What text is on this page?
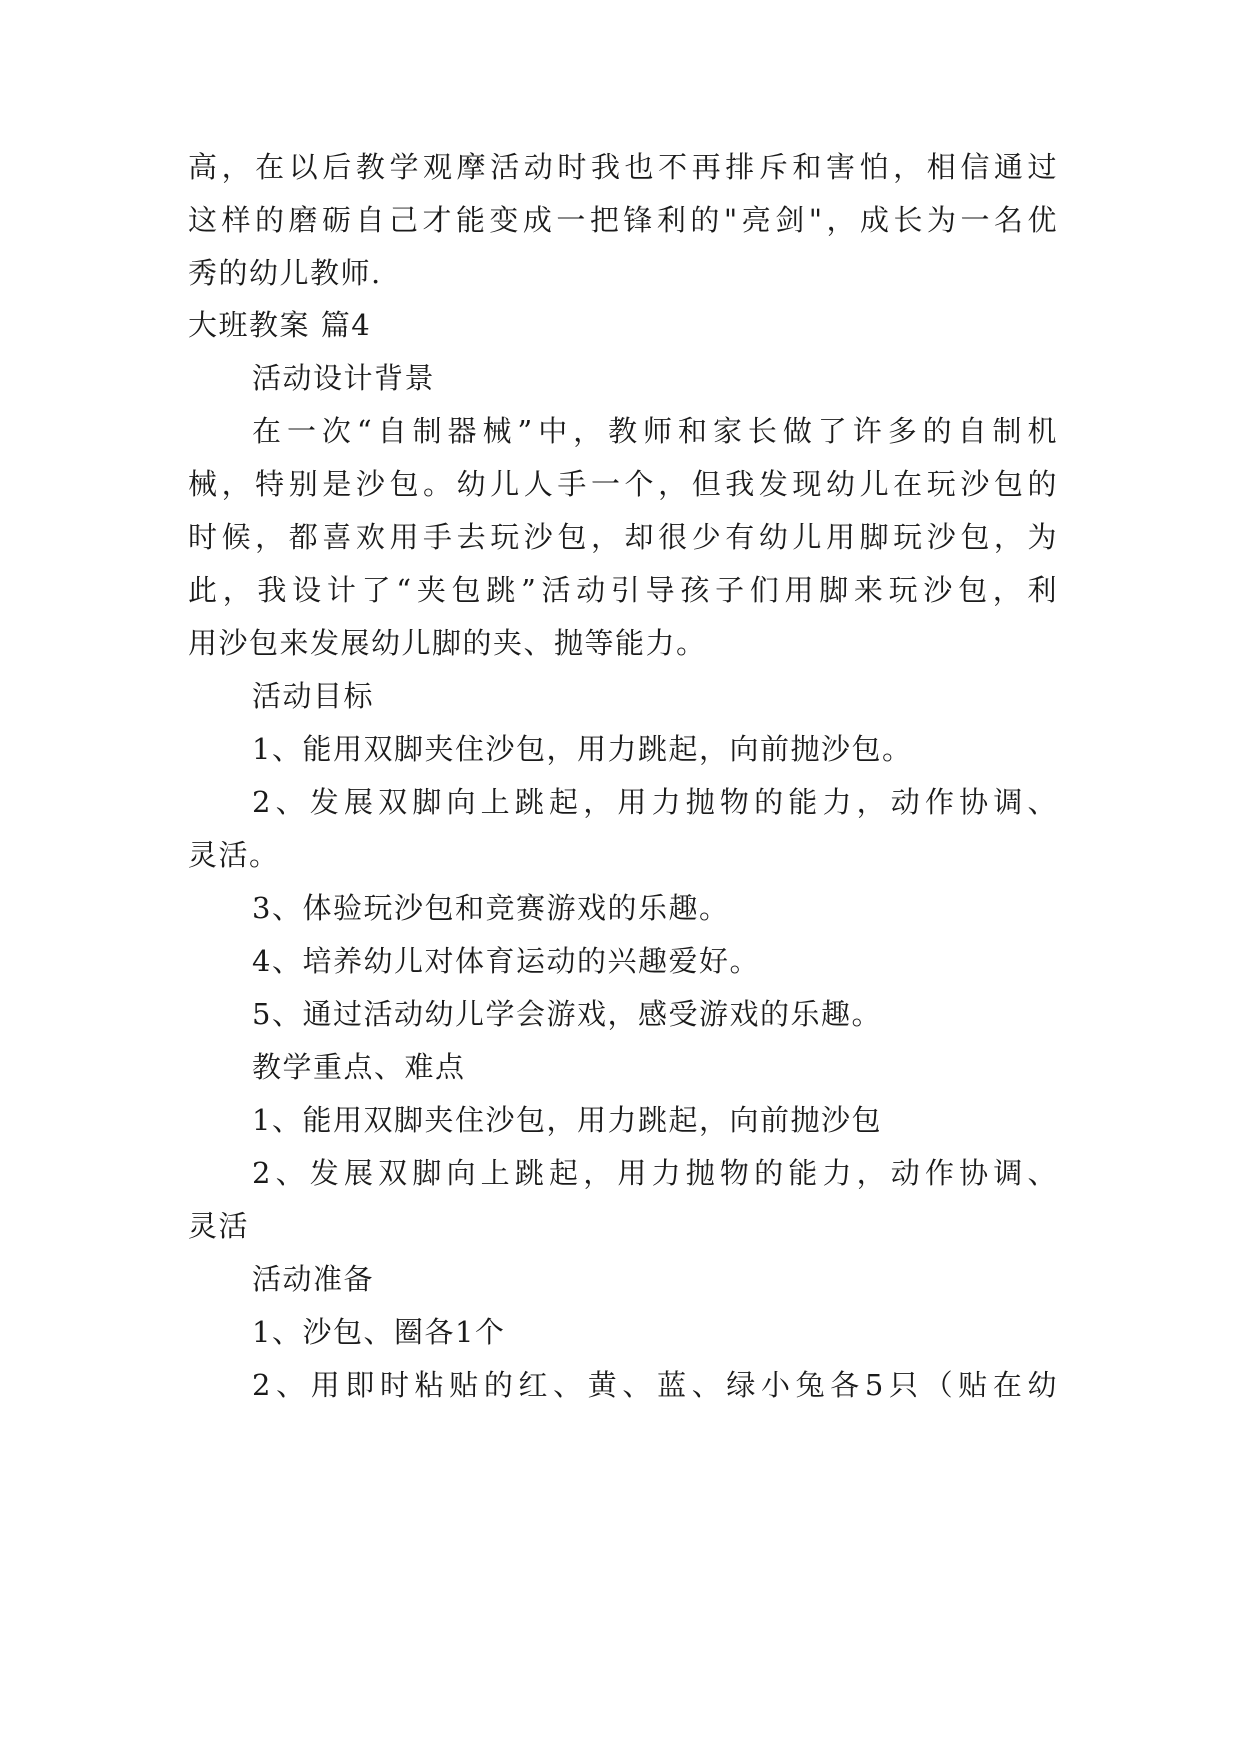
高，在以后教学观摩活动时我也不再排斥和害怕，相信通过
这样的磨砺自己才能变成一把锋利的"亮剑"，成长为一名优
秀的幼儿教师.
大班教案 篇4
活动设计背景
在一次“自制器械”中，教师和家长做了许多的自制机
械，特别是沙包。幼儿人手一个，但我发现幼儿在玩沙包的
时候，都喜欢用手去玩沙包，却很少有幼儿用脚玩沙包，为
此，我设计了“夹包跳”活动引导孩子们用脚来玩沙包，利
用沙包来发展幼儿脚的夹、抛等能力。
活动目标
1、能用双脚夹住沙包，用力跳起，向前抛沙包。
2、发展双脚向上跳起，用力抛物的能力，动作协调、
灵活。
3、体验玩沙包和竞赛游戏的乐趣。
4、培养幼儿对体育运动的兴趣爱好。
5、通过活动幼儿学会游戏，感受游戏的乐趣。
教学重点、难点
1、能用双脚夹住沙包，用力跳起，向前抛沙包
2、发展双脚向上跳起，用力抛物的能力，动作协调、
灵活
活动准备
1、沙包、圈各1个
2、用即时粘贴的红、黄、蓝、绿小兔各5只（贴在幼
